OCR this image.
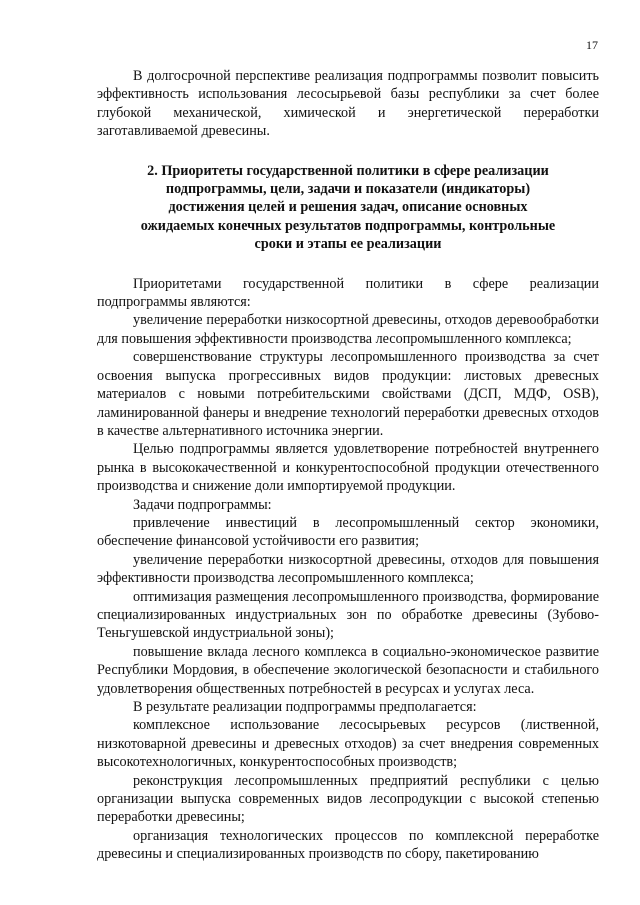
17

В долгосрочной перспективе реализация подпрограммы позволит повысить эффективность использования лесосырьевой базы республики за счет более глубокой механической, химической и энергетической переработки заготавливаемой древесины.

2. Приоритеты государственной политики в сфере реализации
подпрограммы, цели, задачи и показатели (индикаторы)
достижения целей и решения задач, описание основных
ожидаемых конечных результатов подпрограммы, контрольные
сроки и этапы ее реализации

Приоритетами государственной политики в сфере реализации подпрограммы являются:

увеличение переработки низкосортной древесины, отходов деревообработки для повышения эффективности производства лесопромышленного комплекса;

совершенствование структуры лесопромышленного производства за счет освоения выпуска прогрессивных видов продукции: листовых древесных материалов с новыми потребительскими свойствами (ДСП, МДФ, OSB), ламинированной фанеры и внедрение технологий переработки древесных отходов в качестве альтернативного источника энергии.

Целью подпрограммы является удовлетворение потребностей внутреннего рынка в высококачественной и конкурентоспособной продукции отечественного производства и снижение доли импортируемой продукции.

Задачи подпрограммы:

привлечение инвестиций в лесопромышленный сектор экономики, обеспечение финансовой устойчивости его развития;

увеличение переработки низкосортной древесины, отходов для повышения эффективности производства лесопромышленного комплекса;

оптимизация размещения лесопромышленного производства, формирование специализированных индустриальных зон по обработке древесины (Зубово-Теньгушевской индустриальной зоны);

повышение вклада лесного комплекса в социально-экономическое развитие Республики Мордовия, в обеспечение экологической безопасности и стабильного удовлетворения общественных потребностей в ресурсах и услугах леса.

В результате реализации подпрограммы предполагается:

комплексное использование лесосырьевых ресурсов (лиственной, низкотоварной древесины и древесных отходов) за счет внедрения современных высокотехнологичных, конкурентоспособных производств;

реконструкция лесопромышленных предприятий республики с целью организации выпуска современных видов лесопродукции с высокой степенью переработки древесины;

организация технологических процессов по комплексной переработке древесины и специализированных производств по сбору, пакетированию
